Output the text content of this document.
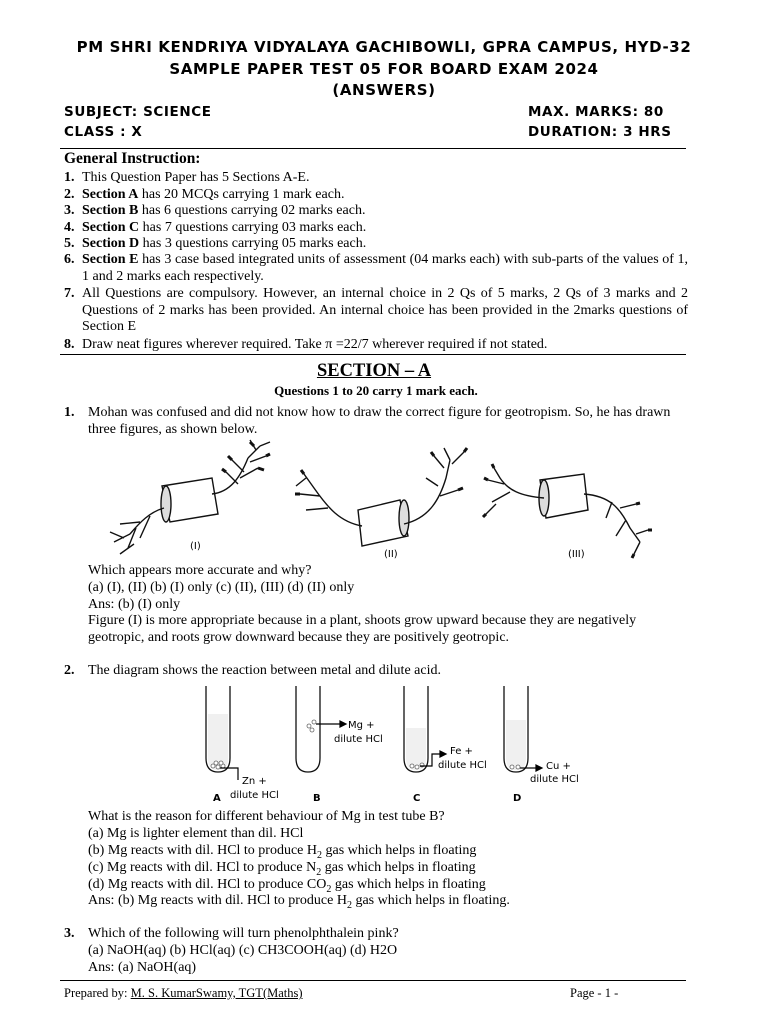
PM SHRI KENDRIYA VIDYALAYA GACHIBOWLI, GPRA CAMPUS, HYD-32
SAMPLE PAPER TEST 05 FOR BOARD EXAM 2024
(ANSWERS)
SUBJECT: SCIENCE	MAX. MARKS: 80
CLASS : X	DURATION: 3 HRS
General Instruction:
1. This Question Paper has 5 Sections A-E.
2. Section A has 20 MCQs carrying 1 mark each.
3. Section B has 6 questions carrying 02 marks each.
4. Section C has 7 questions carrying 03 marks each.
5. Section D has 3 questions carrying 05 marks each.
6. Section E has 3 case based integrated units of assessment (04 marks each) with sub-parts of the values of 1, 1 and 2 marks each respectively.
7. All Questions are compulsory. However, an internal choice in 2 Qs of 5 marks, 2 Qs of 3 marks and 2 Questions of 2 marks has been provided. An internal choice has been provided in the 2marks questions of Section E
8. Draw neat figures wherever required. Take π =22/7 wherever required if not stated.
SECTION – A
Questions 1 to 20 carry 1 mark each.
1. Mohan was confused and did not know how to draw the correct figure for geotropism. So, he has drawn three figures, as shown below.
(I)
(II)	(III)
Which appears more accurate and why?
(a) (I), (II) (b) (I) only (c) (II), (III) (d) (II) only
Ans: (b) (I) only
Figure (I) is more appropriate because in a plant, shoots grow upward because they are negatively geotropic, and roots grow downward because they are positively geotropic.
2. The diagram shows the reaction between metal and dilute acid.
Mg +
dilute HCl
Fe +
dilute HCl	Cu +
dilute HCl
Zn +
dilute HCl
A	B	C	D
What is the reason for different behaviour of Mg in test tube B?
(a) Mg is lighter element than dil. HCl
(b) Mg reacts with dil. HCl to produce $H_2$ gas which helps in floating
(c) Mg reacts with dil. HCl to produce $N_2$ gas which helps in floating
(d) Mg reacts with dil. HCl to produce $CO_2$ gas which helps in floating
Ans: (b) Mg reacts with dil. HCl to produce $H_2$ gas which helps in floating.
3. Which of the following will turn phenolphthalein pink?
(a) NaOH(aq) (b) HCl(aq) (c) CH3COOH(aq) (d) H2O
Ans: (a) NaOH(aq)
Prepared by: M. S. KumarSwamy, TGT(Maths)	Page - 1 -
